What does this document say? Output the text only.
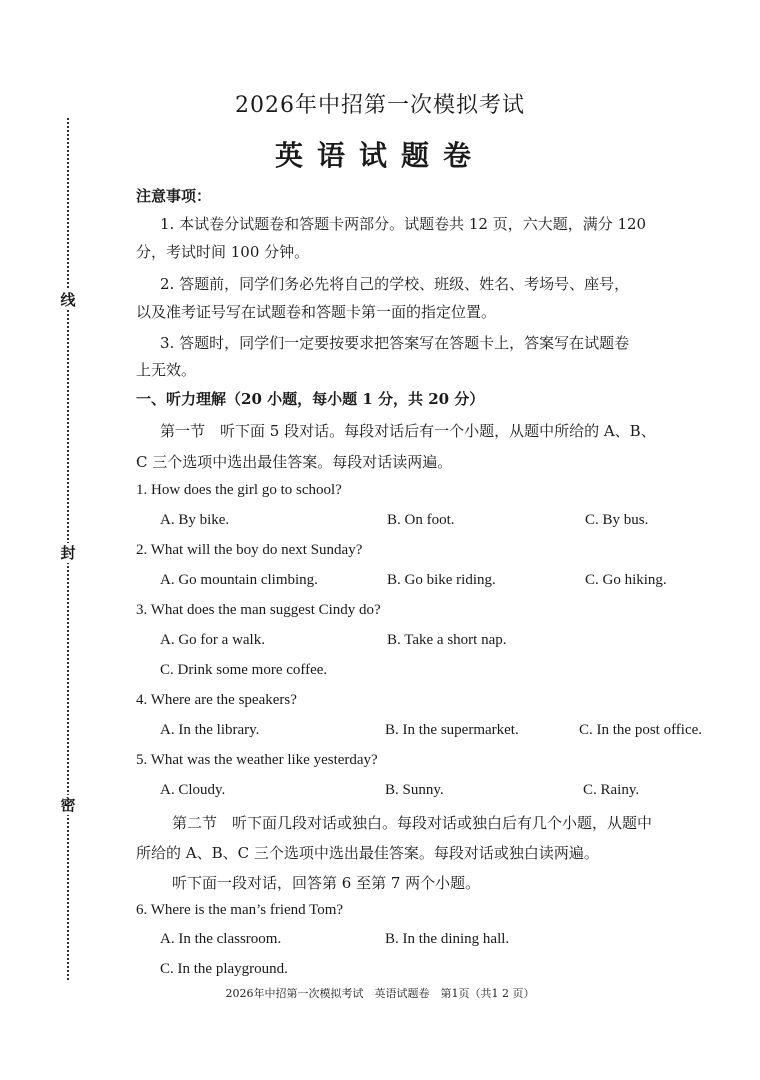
线
封
密
2026年中招第一次模拟考试
英语试题卷
注意事项：
1. 本试卷分试题卷和答题卡两部分。试题卷共 12 页，六大题，满分 120
分，考试时间 100 分钟。
2. 答题前，同学们务必先将自己的学校、班级、姓名、考场号、座号，
以及准考证号写在试题卷和答题卡第一面的指定位置。
3. 答题时，同学们一定要按要求把答案写在答题卡上，答案写在试题卷
上无效。
一、听力理解（20 小题，每小题 1 分，共 20 分）
第一节　听下面 5 段对话。每段对话后有一个小题，从题中所给的 A、B、
C 三个选项中选出最佳答案。每段对话读两遍。
1. How does the girl go to school?
A. By bike.	B. On foot.	C. By bus.
2. What will the boy do next Sunday?
A. Go mountain climbing.	B. Go bike riding.	C. Go hiking.
3. What does the man suggest Cindy do?
A. Go for a walk.	B. Take a short nap.
C. Drink some more coffee.
4. Where are the speakers?
A. In the library.	B. In the supermarket.	C. In the post office.
5. What was the weather like yesterday?
A. Cloudy.	B. Sunny.	C. Rainy.
第二节　听下面几段对话或独白。每段对话或独白后有几个小题，从题中
所给的 A、B、C 三个选项中选出最佳答案。每段对话或独白读两遍。
听下面一段对话，回答第 6 至第 7 两个小题。
6. Where is the man’s friend Tom?
A. In the classroom.	B. In the dining hall.
C. In the playground.
2026年中招第一次模拟考试　英语试题卷　第1页（共1 2 页）
